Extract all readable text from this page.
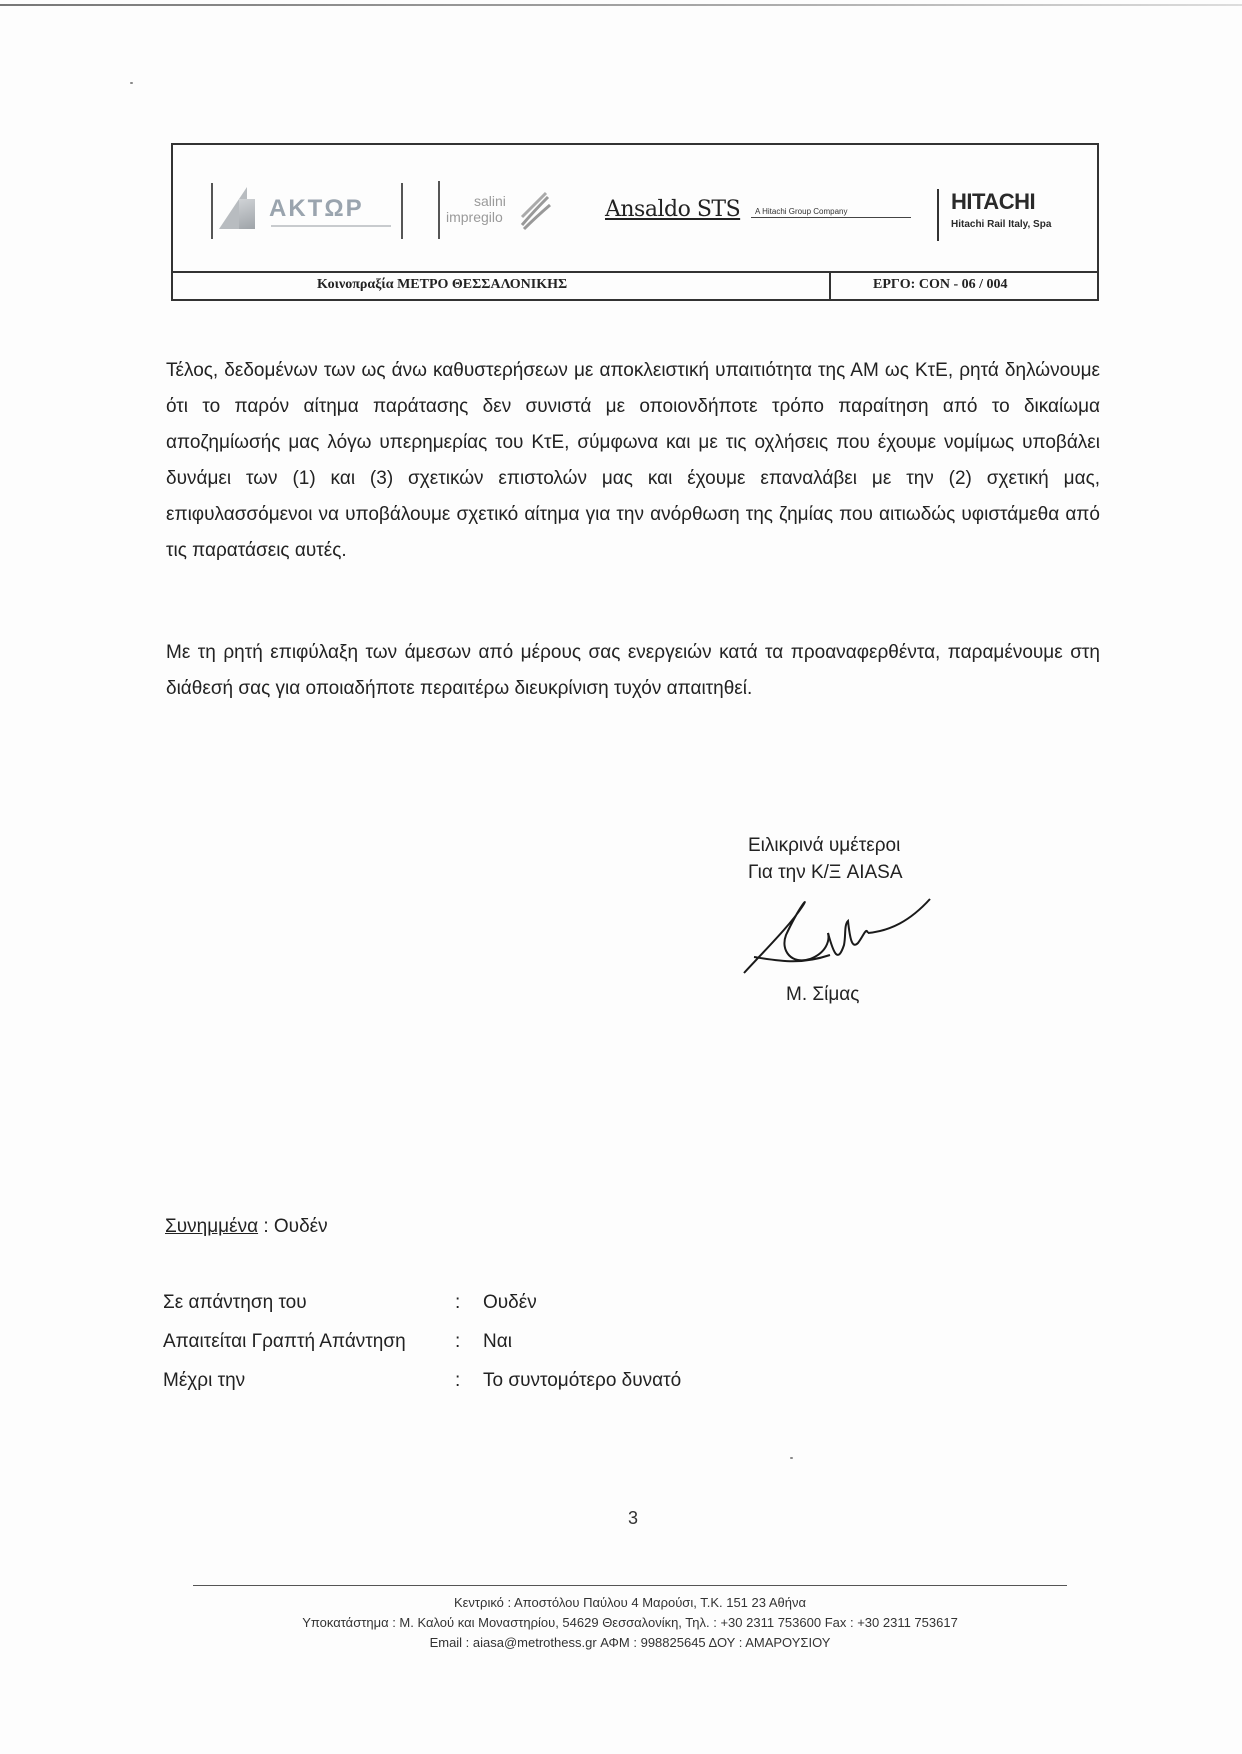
AKTΩP	salini
impregilo	Ansaldo STS A Hitachi Group Company	HITACHI
Hitachi Rail Italy, Spa
Κοινοπραξία ΜΕΤΡΟ ΘΕΣΣΑΛΟΝΙΚΗΣ	ΕΡΓΟ: CON - 06 / 004
Τέλος, δεδομένων των ως άνω καθυστερήσεων με αποκλειστική υπαιτιότητα της ΑΜ ως ΚτΕ, ρητά δηλώνουμε ότι το παρόν αίτημα παράτασης δεν συνιστά με οποιονδήποτε τρόπο παραίτηση από το δικαίωμα αποζημίωσής μας λόγω υπερημερίας του ΚτΕ, σύμφωνα και με τις οχλήσεις που έχουμε νομίμως υποβάλει δυνάμει των (1) και (3) σχετικών επιστολών μας και έχουμε επαναλάβει με την (2) σχετική μας, επιφυλασσόμενοι να υποβάλουμε σχετικό αίτημα για την ανόρθωση της ζημίας που αιτιωδώς υφιστάμεθα από τις παρατάσεις αυτές.
Με τη ρητή επιφύλαξη των άμεσων από μέρους σας ενεργειών κατά τα προαναφερθέντα, παραμένουμε στη διάθεσή σας για οποιαδήποτε περαιτέρω διευκρίνιση τυχόν απαιτηθεί.
Ειλικρινά υμέτεροι
Για την Κ/Ξ AIASA
Μ. Σίμας
Συνημμένα : Ουδέν
Σε απάντηση του	: Ουδέν
Απαιτείται Γραπτή Απάντηση	: Ναι
Μέχρι την	: Το συντομότερο δυνατό
3
Κεντρικό : Αποστόλου Παύλου 4 Μαρούσι, Τ.Κ. 151 23 Αθήνα
Υποκατάστημα : Μ. Καλού και Μοναστηρίου, 54629 Θεσσαλονίκη, Τηλ. : +30 2311 753600 Fax : +30 2311 753617
Email : aiasa@metrothess.gr ΑΦΜ : 998825645 ΔΟΥ : ΑΜΑΡΟΥΣΙΟΥ
